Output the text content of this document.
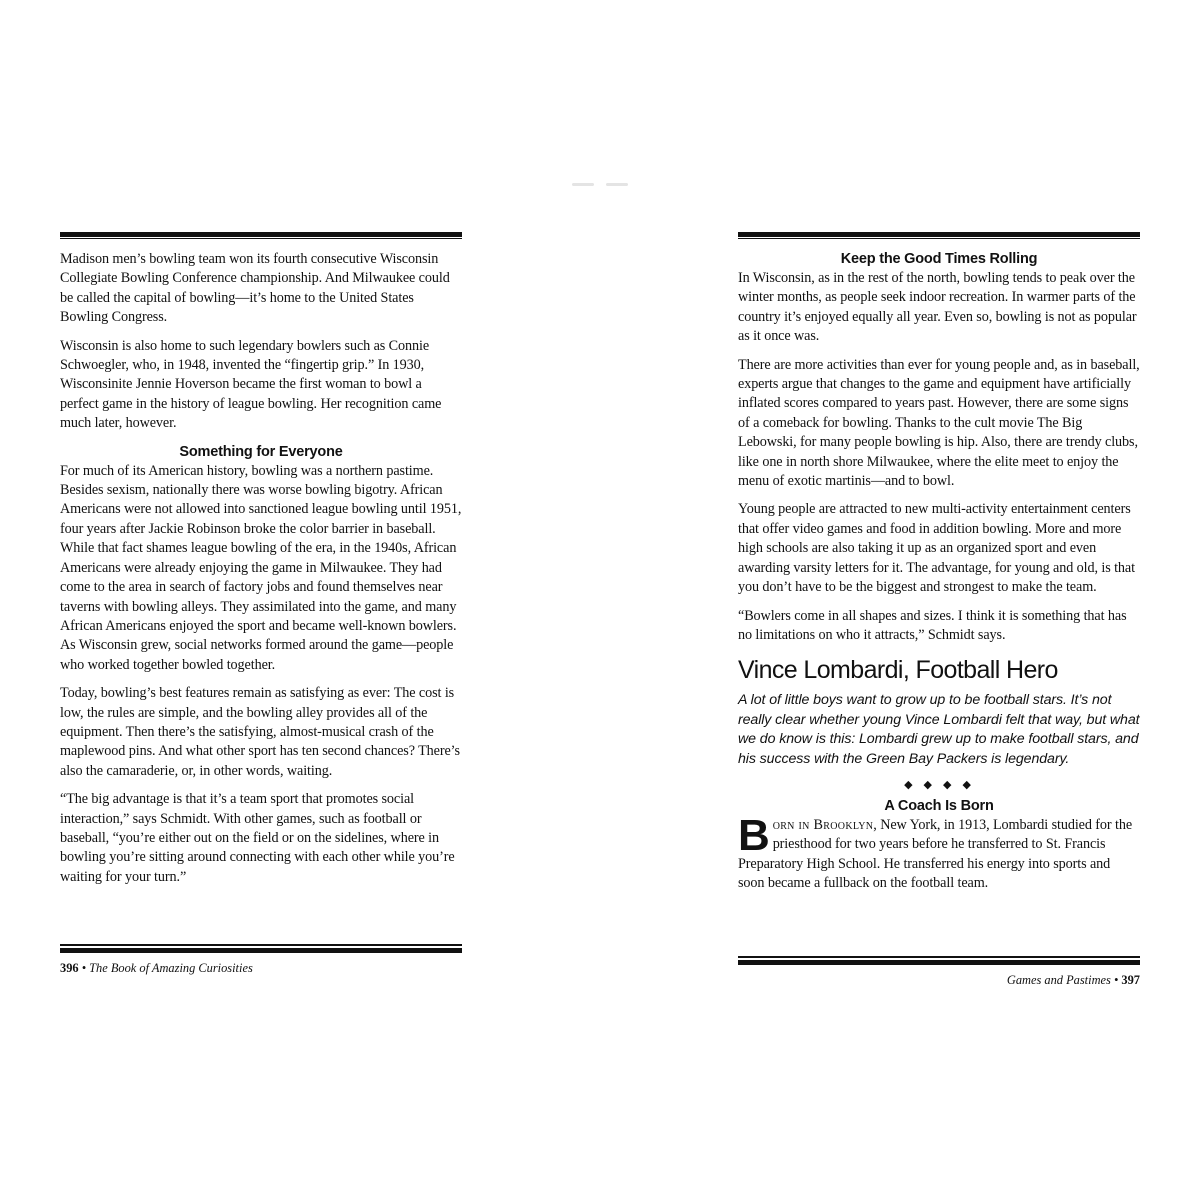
Madison men’s bowling team won its fourth consecutive Wisconsin Collegiate Bowling Conference championship. And Milwaukee could be called the capital of bowling—it’s home to the United States Bowling Congress.

Wisconsin is also home to such legendary bowlers such as Connie Schwoegler, who, in 1948, invented the “fingertip grip.” In 1930, Wisconsinite Jennie Hoverson became the first woman to bowl a perfect game in the history of league bowling. Her recognition came much later, however.

Something for Everyone

For much of its American history, bowling was a northern pastime. Besides sexism, nationally there was worse bowling bigotry. African Americans were not allowed into sanctioned league bowling until 1951, four years after Jackie Robinson broke the color barrier in baseball. While that fact shames league bowling of the era, in the 1940s, African Americans were already enjoying the game in Milwaukee. They had come to the area in search of factory jobs and found themselves near taverns with bowling alleys. They assimilated into the game, and many African Americans enjoyed the sport and became well-known bowlers. As Wisconsin grew, social networks formed around the game—people who worked together bowled together.

Today, bowling’s best features remain as satisfying as ever: The cost is low, the rules are simple, and the bowling alley provides all of the equipment. Then there’s the satisfying, almost-musical crash of the maplewood pins. And what other sport has ten second chances? There’s also the camaraderie, or, in other words, waiting.

“The big advantage is that it’s a team sport that promotes social interaction,” says Schmidt. With other games, such as football or baseball, “you’re either out on the field or on the sidelines, where in bowling you’re sitting around connecting with each other while you’re waiting for your turn.”

396 • The Book of Amazing Curiosities
Keep the Good Times Rolling

In Wisconsin, as in the rest of the north, bowling tends to peak over the winter months, as people seek indoor recreation. In warmer parts of the country it’s enjoyed equally all year. Even so, bowling is not as popular as it once was.

There are more activities than ever for young people and, as in baseball, experts argue that changes to the game and equipment have artificially inflated scores compared to years past. However, there are some signs of a comeback for bowling. Thanks to the cult movie The Big Lebowski, for many people bowling is hip. Also, there are trendy clubs, like one in north shore Milwaukee, where the elite meet to enjoy the menu of exotic martinis—and to bowl.

Young people are attracted to new multi-activity entertainment centers that offer video games and food in addition bowling. More and more high schools are also taking it up as an organized sport and even awarding varsity letters for it. The advantage, for young and old, is that you don’t have to be the biggest and strongest to make the team.

“Bowlers come in all shapes and sizes. I think it is something that has no limitations on who it attracts,” Schmidt says.

Vince Lombardi, Football Hero

A lot of little boys want to grow up to be football stars. It’s not really clear whether young Vince Lombardi felt that way, but what we do know is this: Lombardi grew up to make football stars, and his success with the Green Bay Packers is legendary.

◆◆◆◆
A Coach Is Born

Born in Brooklyn, New York, in 1913, Lombardi studied for the priesthood for two years before he transferred to St. Francis Preparatory High School. He transferred his energy into sports and soon became a fullback on the football team.

Games and Pastimes • 397
